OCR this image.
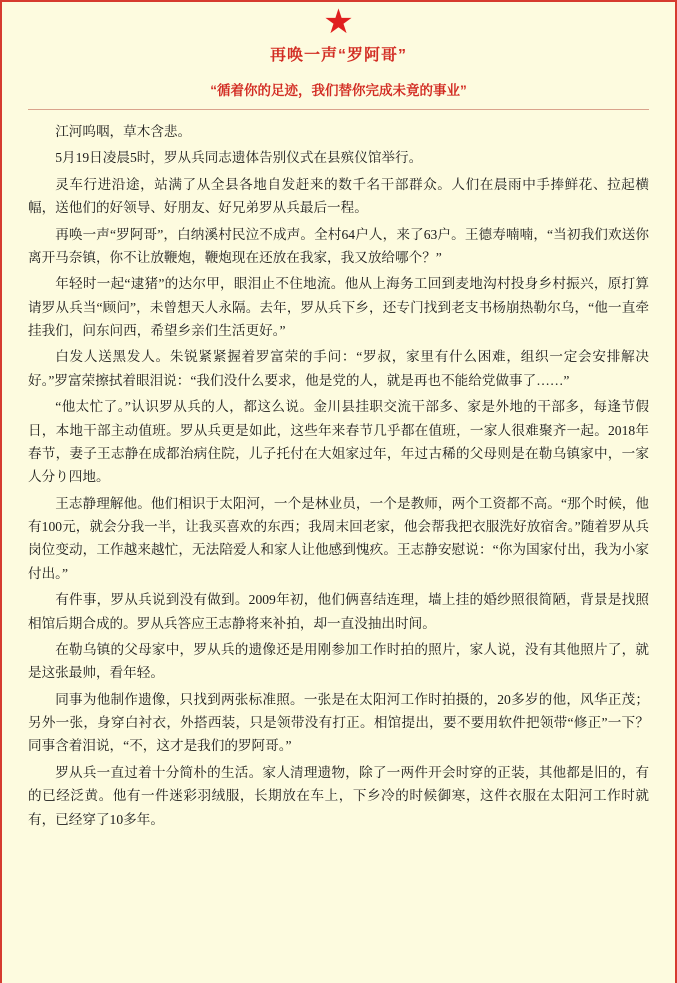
★
再唤一声“罗阿哥”
“循着你的足迹，我们替你完成未竟的事业”

江河呜咽，草木含悲。

5月19日凌晨5时，罗从兵同志遗体告别仪式在县殡仪馆举行。

灵车行进沿途，站满了从全县各地自发赶来的数千名干部群众。人们在晨雨中手捧鲜花、拉起横幅，送他们的好领导、好朋友、好兄弟罗从兵最后一程。

再唤一声“罗阿哥”，白纳溪村民泣不成声。全村64户人，来了63户。王德寿喃喃，“当初我们欢送你离开马奈镇，你不让放鞭炮，鞭炮现在还放在我家，我又放给哪个？”

年轻时一起“逮猪”的达尔甲，眼泪止不住地流。他从上海务工回到麦地沟村投身乡村振兴，原打算请罗从兵当“顾问”，未曾想天人永隔。去年，罗从兵下乡，还专门找到老支书杨崩热勒尔乌，“他一直牵挂我们，问东问西，希望乡亲们生活更好。”

白发人送黑发人。朱锐紧紧握着罗富荣的手问：“罗叔，家里有什么困难，组织一定会安排解决好。”罗富荣擦拭着眼泪说：“我们没什么要求，他是党的人，就是再也不能给党做事了……”

“他太忙了。”认识罗从兵的人，都这么说。金川县挂职交流干部多、家是外地的干部多，每逢节假日，本地干部主动值班。罗从兵更是如此，这些年来春节几乎都在值班，一家人很难聚齐一起。2018年春节，妻子王志静在成都治病住院，儿子托付在大姐家过年，年过古稀的父母则是在勒乌镇家中，一家人分り四地。

王志静理解他。他们相识于太阳河，一个是林业员，一个是教师，两个工资都不高。“那个时候，他有100元，就会分我一半，让我买喜欢的东西；我周末回老家，他会帮我把衣服洗好放宿舍。”随着罗从兵岗位变动，工作越来越忙，无法陪爱人和家人让他感到愧疚。王志静安慰说：“你为国家付出，我为小家付出。”

有件事，罗从兵说到没有做到。2009年初，他们俩喜结连理，墙上挂的婚纱照很简陋，背景是找照相馆后期合成的。罗从兵答应王志静将来补拍，却一直没抽出时间。

在勒乌镇的父母家中，罗从兵的遗像还是用刚参加工作时拍的照片，家人说，没有其他照片了，就是这张最帅，看年轻。

同事为他制作遗像，只找到两张标准照。一张是在太阳河工作时拍摄的，20多岁的他，风华正茂；另外一张，身穿白衬衣，外搭西装，只是领带没有打正。相馆提出，要不要用软件把领带“修正”一下？同事含着泪说，“不，这才是我们的罗阿哥。”

罗从兵一直过着十分简朴的生活。家人清理遗物，除了一两件开会时穿的正装，其他都是旧的，有的已经泛黄。他有一件迷彩羽绒服，长期放在车上，下乡冷的时候御寒，这件衣服在太阳河工作时就有，已经穿了10多年。
